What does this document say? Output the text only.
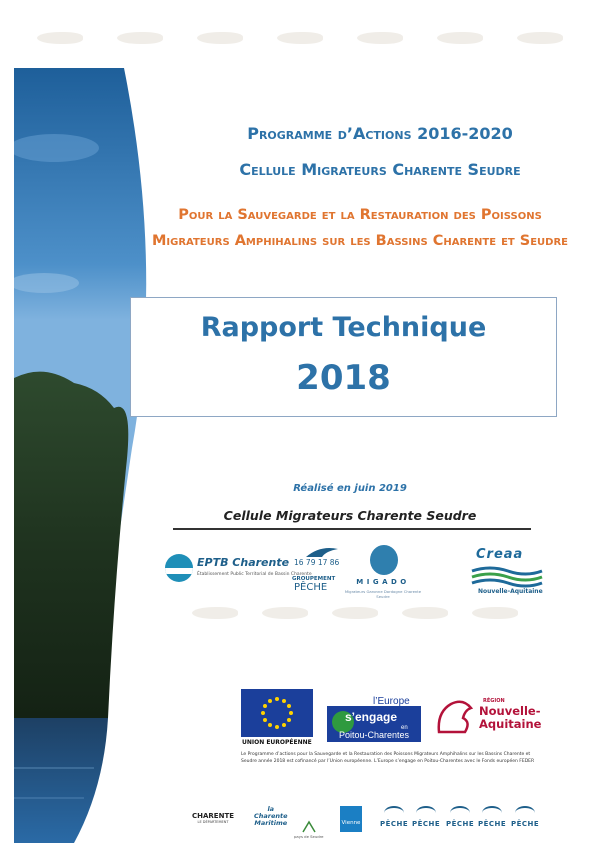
Programme d’Actions 2016-2020
Cellule Migrateurs Charente Seudre
Pour la Sauvegarde et la Restauration des Poissons
Migrateurs Amphihalins sur les Bassins Charente et Seudre
Rapport Technique
2018
Réalisé en juin 2019
Cellule Migrateurs Charente Seudre
EPTB Charente
Établissement Public Territorial de Bassin Charente
16 79 17 86
GROUPEMENT
PÊCHE	MIGADO
Migrateurs Garonne Dordogne Charente Seudre
Creaa
Nouvelle-Aquitaine
UNION EUROPÉENNE
l’Europe
s’engage
en
Poitou-Charentes
RÉGION
Nouvelle-
Aquitaine
Le Programme d’actions pour la Sauvegarde et la Restauration des Poissons Migrateurs Amphihalins sur les Bassins Charente et Seudre année 2018 est cofinancé par l’Union européenne. L’Europe s’engage en Poitou-Charentes avec le Fonds européen FEDER
CHARENTE
LE DÉPARTEMENT
la
Charente
Maritime
pays de Seudre
Vienne	PÊCHE PÊCHE PÊCHE PÊCHE PÊCHE
